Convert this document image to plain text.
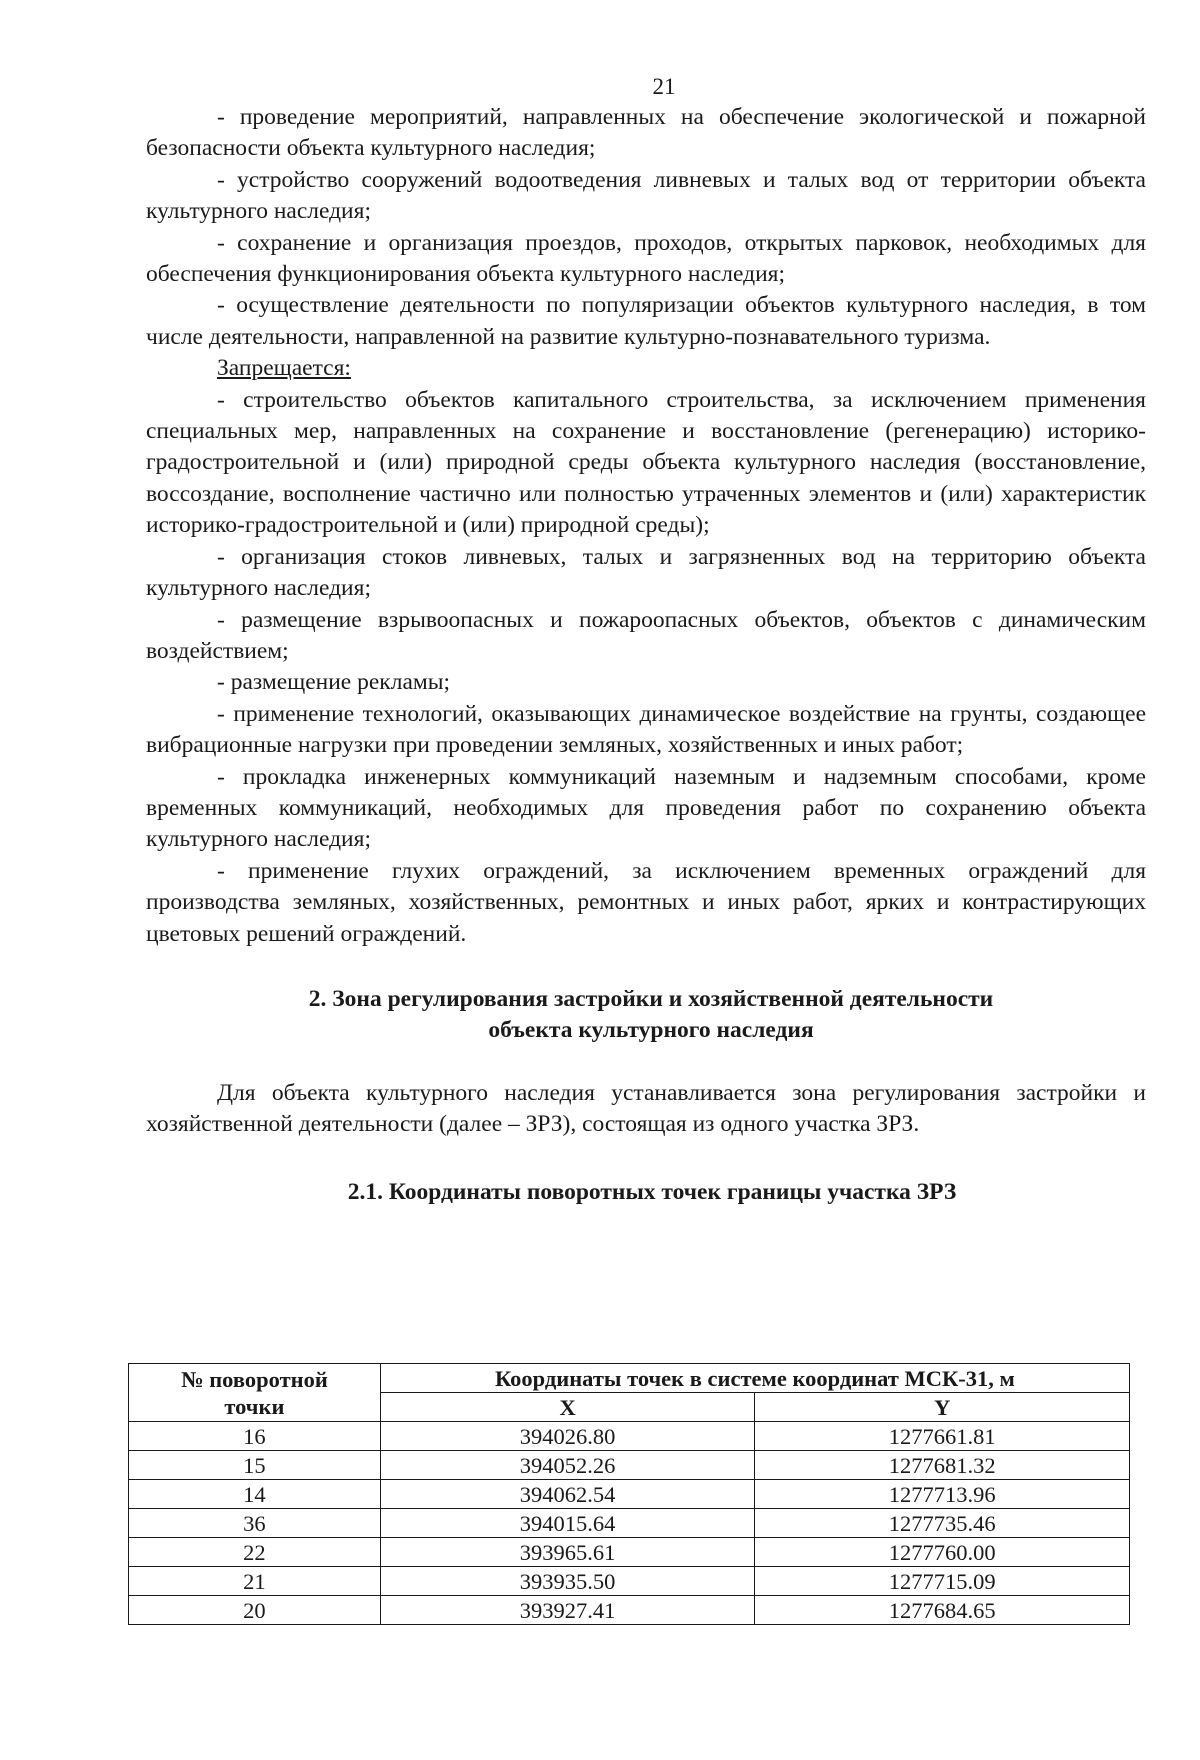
21

- проведение мероприятий, направленных на обеспечение экологической и пожарной безопасности объекта культурного наследия;

- устройство сооружений водоотведения ливневых и талых вод от территории объекта культурного наследия;

- сохранение и организация проездов, проходов, открытых парковок, необходимых для обеспечения функционирования объекта культурного наследия;

- осуществление деятельности по популяризации объектов культурного наследия, в том числе деятельности, направленной на развитие культурно-познавательного туризма.

Запрещается:

- строительство объектов капитального строительства, за исключением применения специальных мер, направленных на сохранение и восстановление (регенерацию) историко-градостроительной и (или) природной среды объекта культурного наследия (восстановление, воссоздание, восполнение частично или полностью утраченных элементов и (или) характеристик историко-градостроительной и (или) природной среды);

- организация стоков ливневых, талых и загрязненных вод на территорию объекта культурного наследия;

- размещение взрывоопасных и пожароопасных объектов, объектов с динамическим воздействием;

- размещение рекламы;

- применение технологий, оказывающих динамическое воздействие на грунты, создающее вибрационные нагрузки при проведении земляных, хозяйственных и иных работ;

- прокладка инженерных коммуникаций наземным и надземным способами, кроме временных коммуникаций, необходимых для проведения работ по сохранению объекта культурного наследия;

- применение глухих ограждений, за исключением временных ограждений для производства земляных, хозяйственных, ремонтных и иных работ, ярких и контрастирующих цветовых решений ограждений.

2. Зона регулирования застройки и хозяйственной деятельности
объекта культурного наследия

Для объекта культурного наследия устанавливается зона регулирования застройки и хозяйственной деятельности (далее – ЗРЗ), состоящая из одного участка ЗРЗ.

2.1. Координаты поворотных точек границы участка ЗРЗ
№ поворотной
точки	Координаты точек в системе координат МСК-31, м	
	X	Y
16	394026.80	1277661.81
15	394052.26	1277681.32
14	394062.54	1277713.96
36	394015.64	1277735.46
22	393965.61	1277760.00
21	393935.50	1277715.09
20	393927.41	1277684.65
